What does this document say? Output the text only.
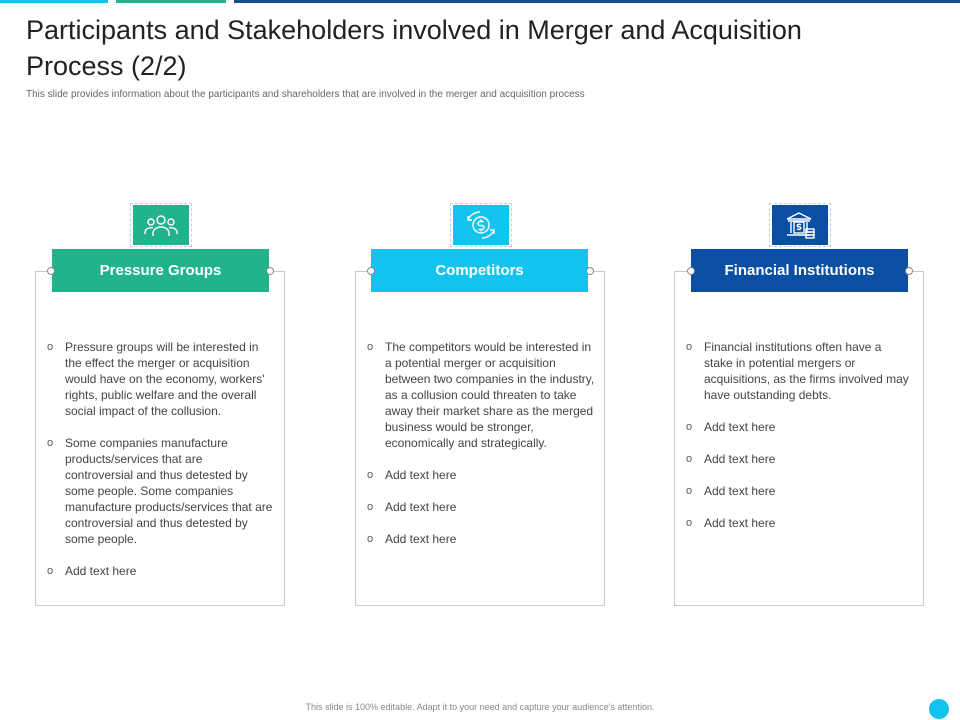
Participants and Stakeholders involved in Merger and Acquisition Process (2/2)
This slide provides information about the participants and shareholders that are involved in the merger and acquisition process
Pressure Groups
o Pressure groups will be interested in the effect the merger or acquisition would have on the economy, workers' rights, public welfare and the overall social impact of the collusion.
o Some companies manufacture products/services that are controversial and thus detested by some people. Some companies manufacture products/services that are controversial and thus detested by some people.
o Add text here
Competitors
o The competitors would be interested in a potential merger or acquisition between two companies in the industry, as a collusion could threaten to take away their market share as the merged business would be stronger, economically and strategically.
o Add text here
o Add text here
o Add text here
Financial Institutions
o Financial institutions often have a stake in potential mergers or acquisitions, as the firms involved may have outstanding debts.
o Add text here
o Add text here
o Add text here
o Add text here
This slide is 100% editable. Adapt it to your need and capture your audience's attention.
